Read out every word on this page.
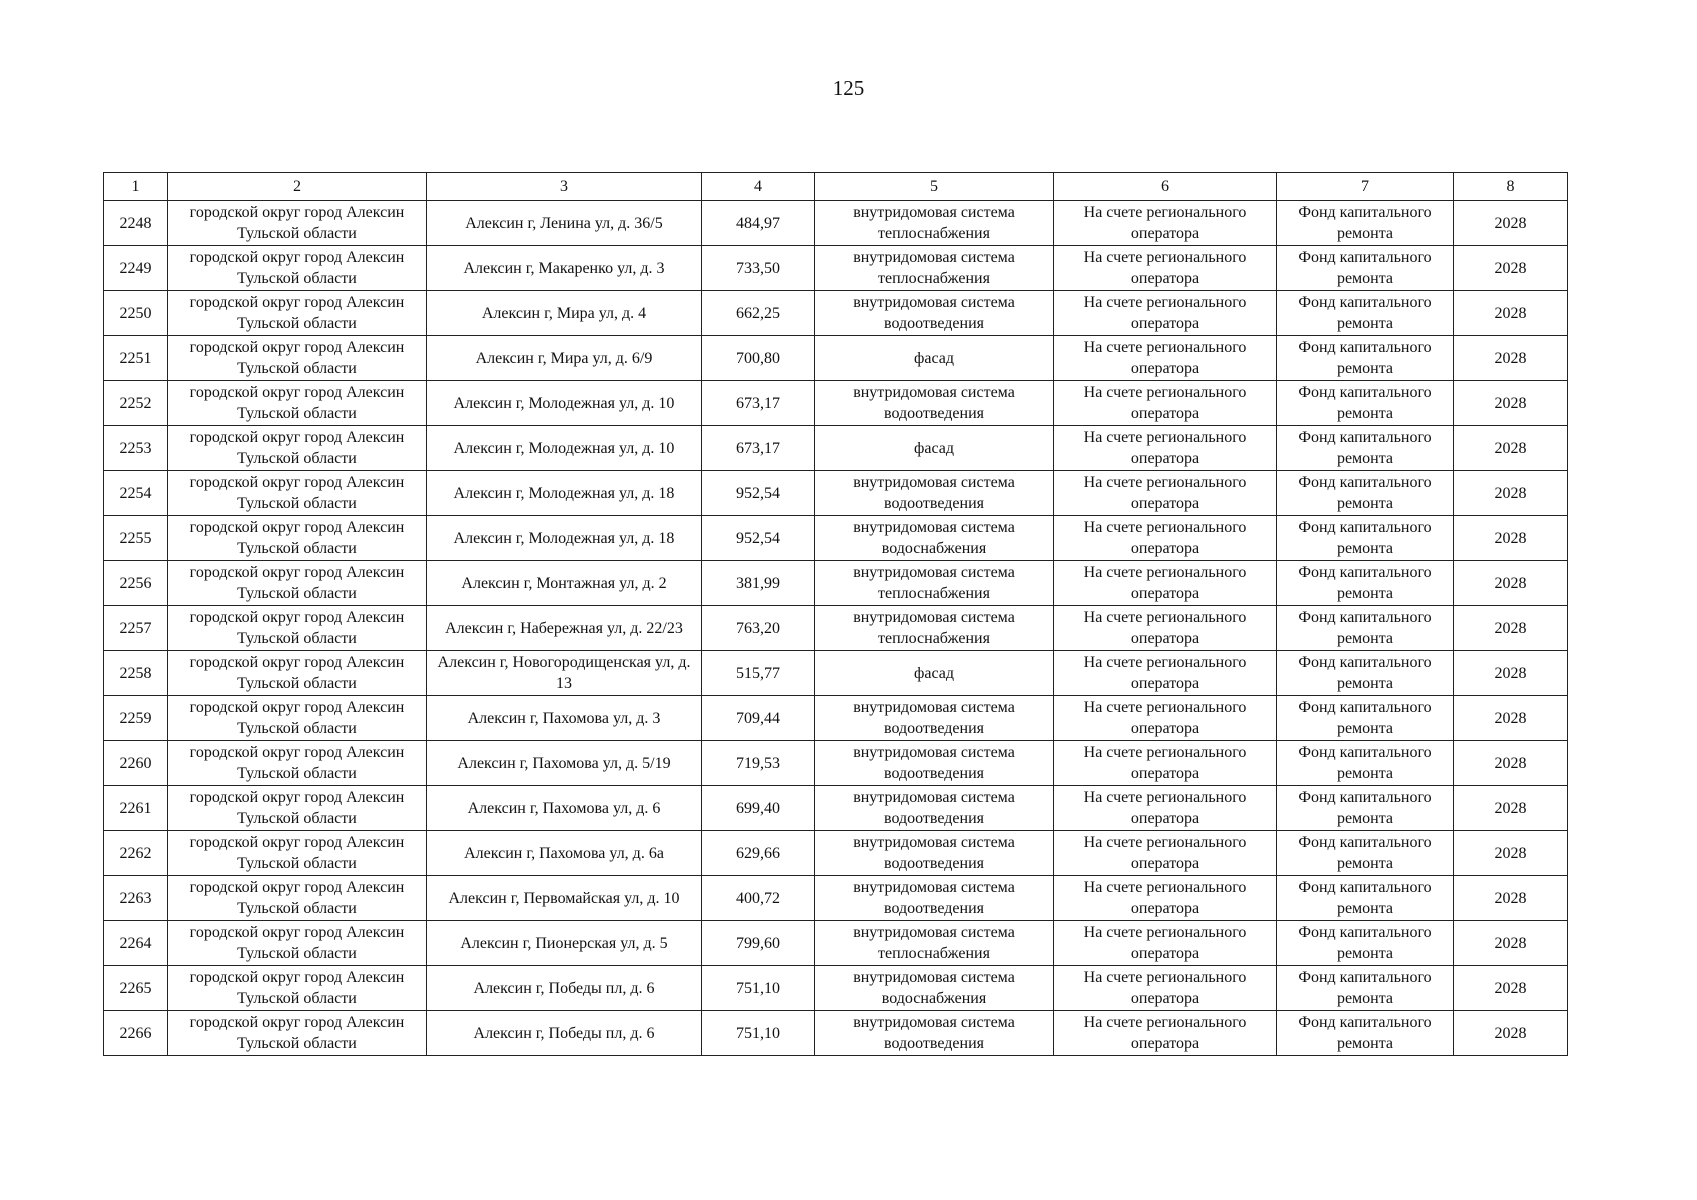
125
1	2	3	4	5	6	7	8
2248	городской округ город Алексин Тульской области	Алексин г, Ленина ул, д. 36/5	484,97	внутридомовая система теплоснабжения	На счете регионального оператора	Фонд капитального ремонта	2028
2249	городской округ город Алексин Тульской области	Алексин г, Макаренко ул, д. 3	733,50	внутридомовая система теплоснабжения	На счете регионального оператора	Фонд капитального ремонта	2028
2250	городской округ город Алексин Тульской области	Алексин г, Мира ул, д. 4	662,25	внутридомовая система водоотведения	На счете регионального оператора	Фонд капитального ремонта	2028
2251	городской округ город Алексин Тульской области	Алексин г, Мира ул, д. 6/9	700,80	фасад	На счете регионального оператора	Фонд капитального ремонта	2028
2252	городской округ город Алексин Тульской области	Алексин г, Молодежная ул, д. 10	673,17	внутридомовая система водоотведения	На счете регионального оператора	Фонд капитального ремонта	2028
2253	городской округ город Алексин Тульской области	Алексин г, Молодежная ул, д. 10	673,17	фасад	На счете регионального оператора	Фонд капитального ремонта	2028
2254	городской округ город Алексин Тульской области	Алексин г, Молодежная ул, д. 18	952,54	внутридомовая система водоотведения	На счете регионального оператора	Фонд капитального ремонта	2028
2255	городской округ город Алексин Тульской области	Алексин г, Молодежная ул, д. 18	952,54	внутридомовая система водоснабжения	На счете регионального оператора	Фонд капитального ремонта	2028
2256	городской округ город Алексин Тульской области	Алексин г, Монтажная ул, д. 2	381,99	внутридомовая система теплоснабжения	На счете регионального оператора	Фонд капитального ремонта	2028
2257	городской округ город Алексин Тульской области	Алексин г, Набережная ул, д. 22/23	763,20	внутридомовая система теплоснабжения	На счете регионального оператора	Фонд капитального ремонта	2028
2258	городской округ город Алексин Тульской области	Алексин г, Новогородищенская ул, д. 13	515,77	фасад	На счете регионального оператора	Фонд капитального ремонта	2028
2259	городской округ город Алексин Тульской области	Алексин г, Пахомова ул, д. 3	709,44	внутридомовая система водоотведения	На счете регионального оператора	Фонд капитального ремонта	2028
2260	городской округ город Алексин Тульской области	Алексин г, Пахомова ул, д. 5/19	719,53	внутридомовая система водоотведения	На счете регионального оператора	Фонд капитального ремонта	2028
2261	городской округ город Алексин Тульской области	Алексин г, Пахомова ул, д. 6	699,40	внутридомовая система водоотведения	На счете регионального оператора	Фонд капитального ремонта	2028
2262	городской округ город Алексин Тульской области	Алексин г, Пахомова ул, д. 6а	629,66	внутридомовая система водоотведения	На счете регионального оператора	Фонд капитального ремонта	2028
2263	городской округ город Алексин Тульской области	Алексин г, Первомайская ул, д. 10	400,72	внутридомовая система водоотведения	На счете регионального оператора	Фонд капитального ремонта	2028
2264	городской округ город Алексин Тульской области	Алексин г, Пионерская ул, д. 5	799,60	внутридомовая система теплоснабжения	На счете регионального оператора	Фонд капитального ремонта	2028
2265	городской округ город Алексин Тульской области	Алексин г, Победы пл, д. 6	751,10	внутридомовая система водоснабжения	На счете регионального оператора	Фонд капитального ремонта	2028
2266	городской округ город Алексин Тульской области	Алексин г, Победы пл, д. 6	751,10	внутридомовая система водоотведения	На счете регионального оператора	Фонд капитального ремонта	2028
